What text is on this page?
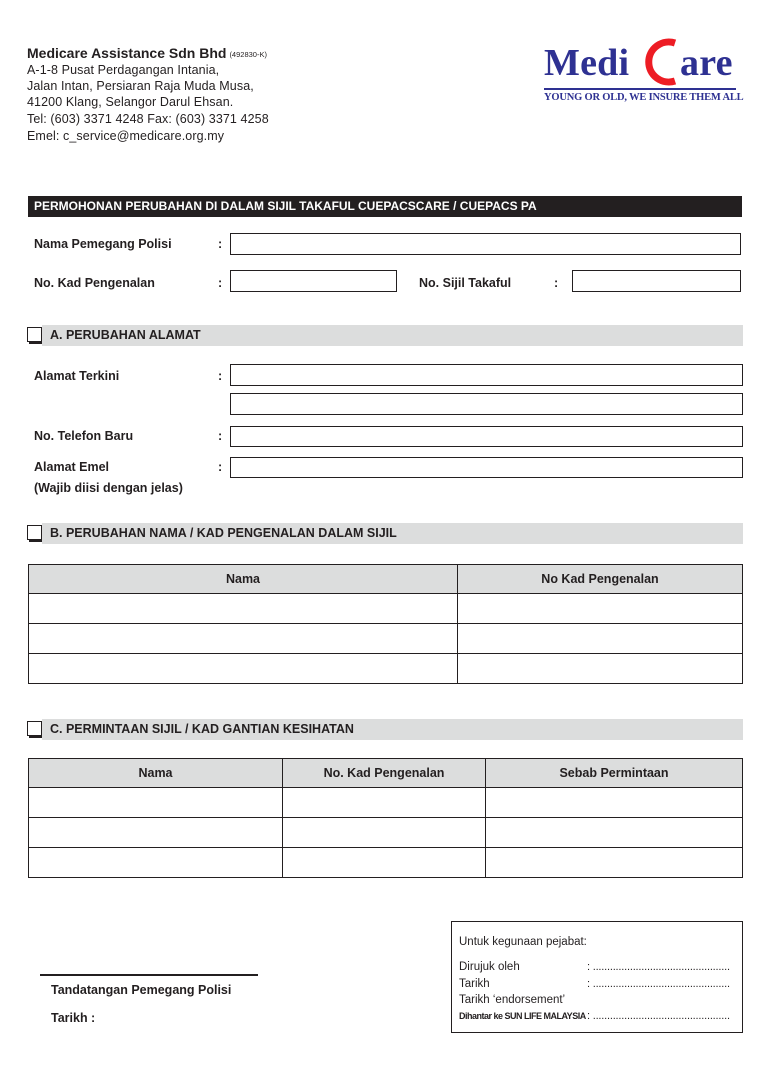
Medicare Assistance Sdn Bhd (492830-K)
A-1-8 Pusat Perdagangan Intania,
Jalan Intan, Persiaran Raja Muda Musa,
41200 Klang, Selangor Darul Ehsan.
Tel: (603) 3371 4248 Fax: (603) 3371 4258
Emel: c_service@medicare.org.my
Medi are
YOUNG OR OLD, WE INSURE THEM ALL
PERMOHONAN PERUBAHAN DI DALAM SIJIL TAKAFUL CUEPACSCARE / CUEPACS PA
Nama Pemegang Polisi	:
No. Kad Pengenalan	:	No. Sijil Takaful	:
A. PERUBAHAN ALAMAT
Alamat Terkini	:
No. Telefon Baru	:
Alamat Emel	:
(Wajib diisi dengan jelas)
B. PERUBAHAN NAMA / KAD PENGENALAN DALAM SIJIL
Nama	No Kad Pengenalan

C. PERMINTAAN SIJIL / KAD GANTIAN KESIHATAN
Nama	No. Kad Pengenalan	Sebab Permintaan

Tandatangan Pemegang Polisi
Tarikh :
Untuk kegunaan pejabat:
Dirujuk oleh	: ................................................
Tarikh	: ................................................
Tarikh ‘endorsement’
Dihantar ke SUN LIFE MALAYSIA : ................................................
